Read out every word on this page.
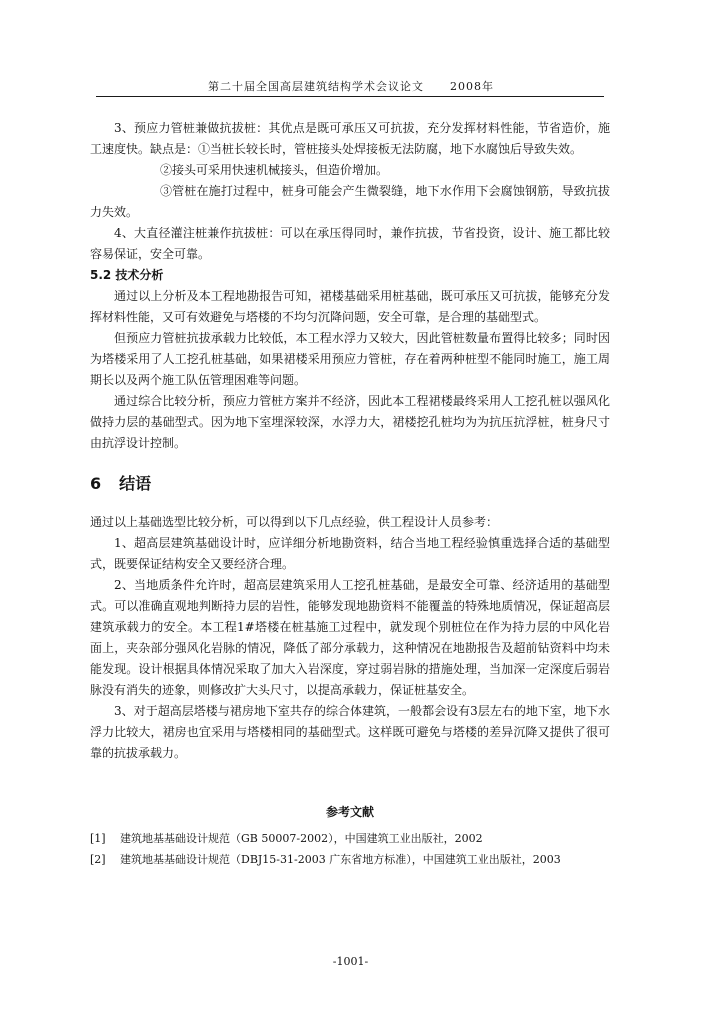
第二十届全国高层建筑结构学术会议论文 2008年

3、预应力管桩兼做抗拔桩：其优点是既可承压又可抗拔，充分发挥材料性能，节省造价，施工速度快。缺点是：①当桩长较长时，管桩接头处焊接板无法防腐，地下水腐蚀后导致失效。

②接头可采用快速机械接头，但造价增加。

③管桩在施打过程中，桩身可能会产生微裂缝，地下水作用下会腐蚀钢筋，导致抗拔力失效。

4、大直径灌注桩兼作抗拔桩：可以在承压得同时，兼作抗拔，节省投资，设计、施工都比较容易保证，安全可靠。

5.2 技术分析

通过以上分析及本工程地勘报告可知，裙楼基础采用桩基础，既可承压又可抗拔，能够充分发挥材料性能，又可有效避免与塔楼的不均匀沉降问题，安全可靠，是合理的基础型式。

但预应力管桩抗拔承载力比较低，本工程水浮力又较大，因此管桩数量布置得比较多；同时因为塔楼采用了人工挖孔桩基础，如果裙楼采用预应力管桩，存在着两种桩型不能同时施工，施工周期长以及两个施工队伍管理困难等问题。

通过综合比较分析，预应力管桩方案并不经济，因此本工程裙楼最终采用人工挖孔桩以强风化做持力层的基础型式。因为地下室埋深较深，水浮力大，裙楼挖孔桩均为为抗压抗浮桩，桩身尺寸由抗浮设计控制。

6 结语

通过以上基础选型比较分析，可以得到以下几点经验，供工程设计人员参考：

1、超高层建筑基础设计时，应详细分析地勘资料，结合当地工程经验慎重选择合适的基础型式，既要保证结构安全又要经济合理。

2、当地质条件允许时，超高层建筑采用人工挖孔桩基础，是最安全可靠、经济适用的基础型式。可以准确直观地判断持力层的岩性，能够发现地勘资料不能覆盖的特殊地质情况，保证超高层建筑承载力的安全。本工程1#塔楼在桩基施工过程中，就发现个别桩位在作为持力层的中风化岩面上，夹杂部分强风化岩脉的情况，降低了部分承载力，这种情况在地勘报告及超前钻资料中均未能发现。设计根据具体情况采取了加大入岩深度，穿过弱岩脉的措施处理，当加深一定深度后弱岩脉没有消失的迹象，则修改扩大头尺寸，以提高承载力，保证桩基安全。

3、对于超高层塔楼与裙房地下室共存的综合体建筑，一般都会设有3层左右的地下室，地下水浮力比较大，裙房也宜采用与塔楼相同的基础型式。这样既可避免与塔楼的差异沉降又提供了很可靠的抗拔承载力。

参考文献
[1]	建筑地基基础设计规范（GB 50007-2002），中国建筑工业出版社，2002
[2]	建筑地基基础设计规范（DBJ15-31-2003 广东省地方标准），中国建筑工业出版社，2003
-1001-
